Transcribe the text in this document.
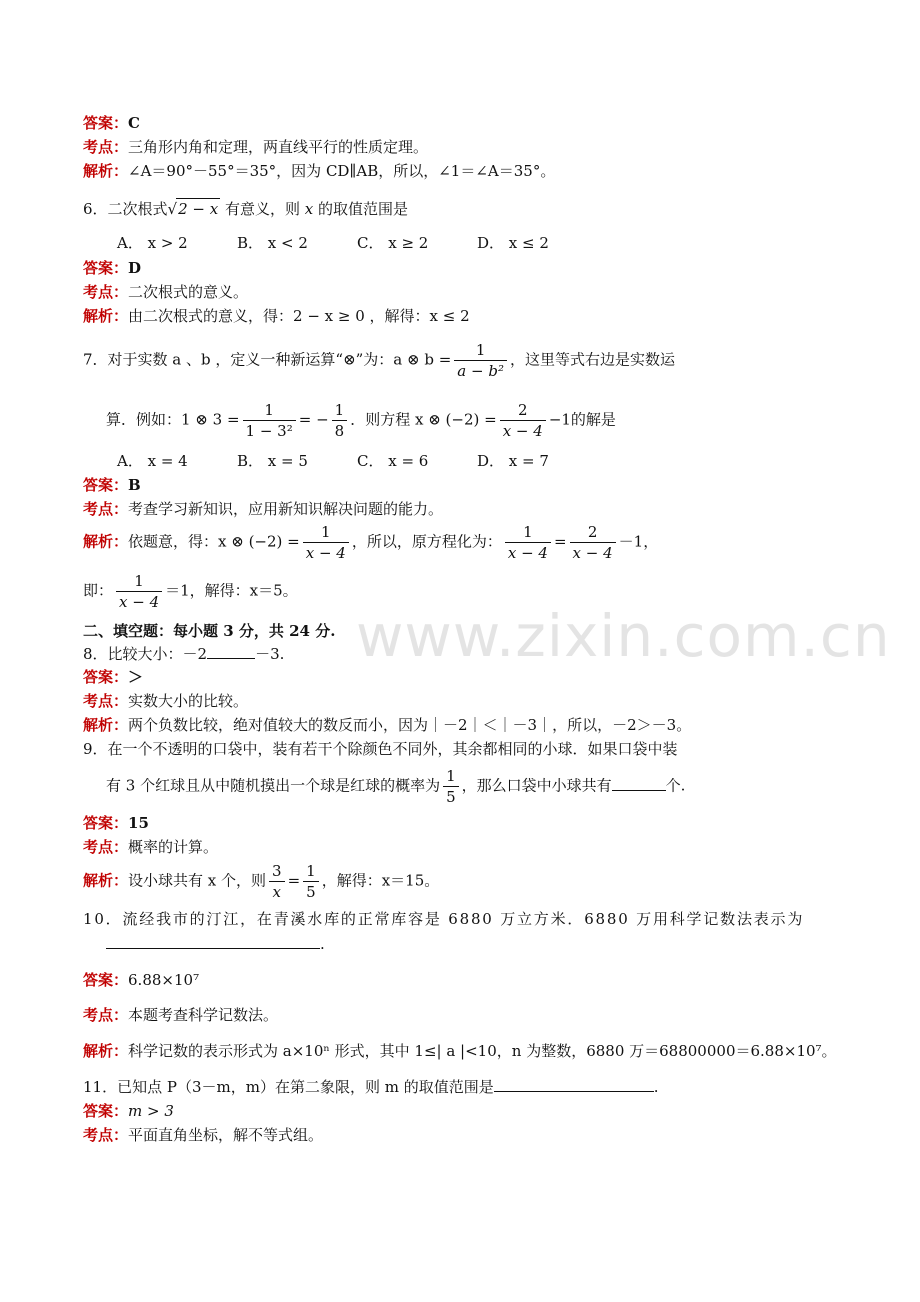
www.zixin.com.cn
答案：C
考点：三角形内角和定理，两直线平行的性质定理。
解析：∠A＝90°－55°＝35°，因为 CD∥AB，所以，∠1＝∠A＝35°。
6．二次根式√2 − x 有意义，则 x 的取值范围是
A． x > 2	B． x < 2	C． x ≥ 2	D． x ≤ 2
答案：D
考点：二次根式的意义。
解析：由二次根式的意义，得：2 − x ≥ 0 ，解得：x ≤ 2
7．对于实数 a 、b ，定义一种新运算“⊗”为：a ⊗ $b = \frac{1}{\text{a − b²}}$ ，这里等式右边是实数运
算．例如：1 ⊗ $3 = \frac{1}{\text{1 − 3²}}$ = − $\frac{1}{8}$ ．则方程 x ⊗ $(-2) = \frac{2}{x - 4} -1$的解是
A． x = 4	B． x = 5	C． x = 6	D． x = 7
答案：B
考点：考查学习新知识，应用新知识解决问题的能力。
解析：依题意，得：x ⊗ $(-2) = \frac{1}{x - 4}$ ，所以，原方程化为： $\frac{1}{x - 4} = \frac{2}{x - 4} -1$，
即： $\frac{1}{x - 4} =1$，解得：x＝5。
二、填空题：每小题 3 分，共 24 分.
8．比较大小：－2	－3.
答案：＞
考点：实数大小的比较。
解析：两个负数比较，绝对值较大的数反而小，因为｜－2｜＜｜－3｜，所以，－2＞－3。
9．在一个不透明的口袋中，装有若干个除颜色不同外，其余都相同的小球．如果口袋中装
有 3 个红球且从中随机摸出一个球是红球的概率为 $\frac{1}{5}$ ，那么口袋中小球共有	个.
答案：15
考点：概率的计算。
解析：设小球共有 x 个，则 $\frac{3}{x} = \frac{1}{5}$ ，解得：x＝15。
10．流经我市的汀江，在青溪水库的正常库容是 6880 万立方米．6880 万用科学记数法表示为
.
答案：6.88×10⁷
考点：本题考查科学记数法。
解析：科学记数的表示形式为 a×10ⁿ 形式，其中 1≤| a |<10，n 为整数，6880 万＝68800000＝6.88×10⁷。
11．已知点 P（3－m，m）在第二象限，则 m 的取值范围是	.
答案：m > 3
考点：平面直角坐标，解不等式组。
